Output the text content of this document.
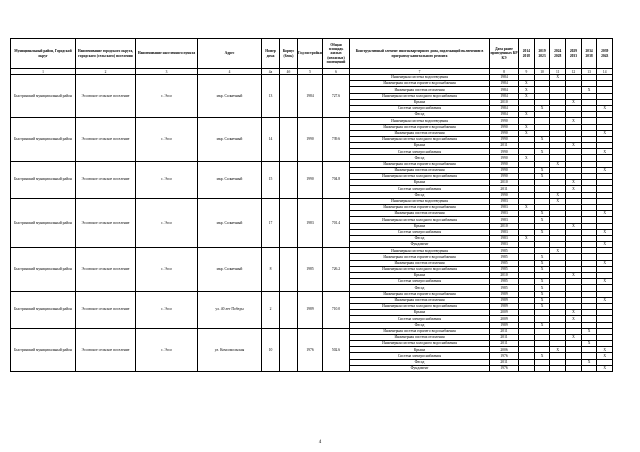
Муниципальный район, Городской округ	Наименование городского округа, городского (сельского) поселения	Наименование населенного пункта	Адрес	Номер дома	Корпус (блок)	Год постройки	Общая площадь жилых (нежилых) помещений	Конструктивный элемент многоквартирного дома, подлежащий включению в программу капитального ремонта	Дата ранее проведенных КР КЭ	2014 2018	2019 2023	2024 2028	2029 2033	2034 2038	2039 2043
1	2	3	4	4а	4б	5	6	7	8	9	10	11	12	13	14
Быстринский муниципальный район	Эссовское сельское поселение	с. Эссо	мкр. Солнечный	13		1984	727.6	Инженерная система водоотведения	1984			X			
								Инженерная система горячего водоснабжения	1984	X					
								Инженерная система отопления	1984	X				X	
								Инженерная система холодного водоснабжения	1984	X					
								Крыша	2010				X		
								Система электроснабжения	1984		X				X
								Фасад	1984	X					
Быстринский муниципальный район	Эссовское сельское поселение	с. Эссо	мкр. Солнечный	14		1990	739.6	Инженерная система водоотведения	1990				X		
								Инженерная система горячего водоснабжения	1990	X					
								Инженерная система отопления	1990	X					X
								Инженерная система холодного водоснабжения	1990		X				
								Крыша	2011				X		
								Система электроснабжения	1990		X				X
								Фасад	1990	X					
Быстринский муниципальный район	Эссовское сельское поселение	с. Эссо	мкр. Солнечный	15		1990	704.8	Инженерная система горячего водоснабжения	1990			X			
								Инженерная система отопления	1990		X				X
								Инженерная система холодного водоснабжения	1990		X				
								Крыша	2010				X		
								Система электроснабжения	2011				X		
								Фасад	1990			X			
Быстринский муниципальный район	Эссовское сельское поселение	с. Эссо	мкр. Солнечный	17		1983	701.4	Инженерная система водоотведения	1983			X			
								Инженерная система горячего водоснабжения	1983	X					
								Инженерная система отопления	1983		X				X
								Инженерная система холодного водоснабжения	1983		X				
								Крыша	2010				X		
								Система электроснабжения	1983		X				X
								Фасад	1983	X					
								Фундамент	1983						X
Быстринский муниципальный район	Эссовское сельское поселение	с. Эссо	мкр. Солнечный	8		1985	726.2	Инженерная система водоотведения	1985			X			
								Инженерная система горячего водоснабжения	1985		X				
								Инженерная система отопления	1985		X				X
								Инженерная система холодного водоснабжения	1985		X				
								Крыша	2010				X		
								Система электроснабжения	1985		X				X
								Фасад	1985		X				
Быстринский муниципальный район	Эссовское сельское поселение	с. Эссо	ул. 40 лет Победы	2		1989	710.0	Инженерная система горячего водоснабжения	1989		X				
								Инженерная система отопления	1989		X				X
								Инженерная система холодного водоснабжения	1989		X				
								Крыша	2009				X		
								Система электроснабжения	2009				X		
								Фасад	1989		X				
Быстринский муниципальный район	Эссовское сельское поселение	с. Эссо	ул. Комсомольская	10		1976	502.6	Инженерная система горячего водоснабжения	2011					X	
								Инженерная система отопления	2011				X		
								Инженерная система холодного водоснабжения	2011					X	
								Крыша	2006			X			X
								Система электроснабжения	1976		X				X
								Фасад	2011					X	
								Фундамент	1976						X
4
